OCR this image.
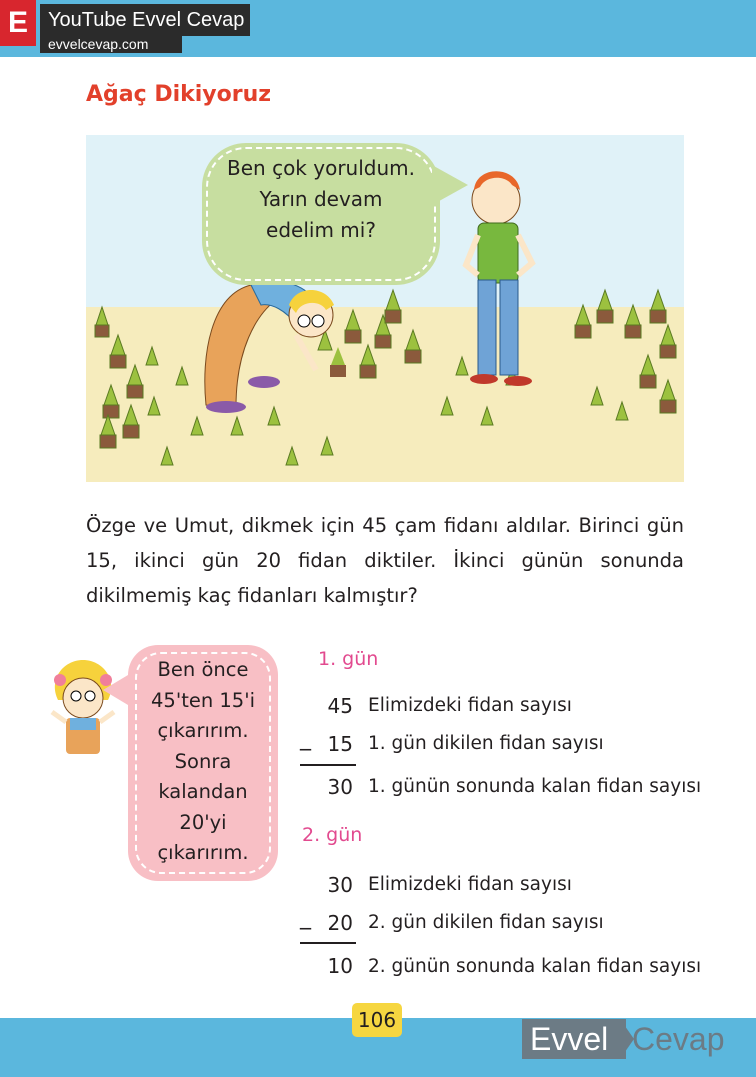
E	YouTube Evvel Cevap
evvelcevap.com
Ağaç Dikiyoruz
Ben çok yoruldum.
Yarın devam
edelim mi?
Özge ve Umut, dikmek için 45 çam fidanı aldılar. Birinci gün 15, ikinci gün 20 fidan diktiler. İkinci günün sonunda dikilmemiş kaç fidanları kalmıştır?
Ben önce
45'ten 15'i
çıkarırım.
Sonra
kalandan
20'yi
çıkarırım.
1. gün
45 Elimizdeki fidan sayısı
_ 15 1. gün dikilen fidan sayısı
30 1. günün sonunda kalan fidan sayısı
2. gün
30 Elimizdeki fidan sayısı
_ 20 2. gün dikilen fidan sayısı
10 2. günün sonunda kalan fidan sayısı
106
Evvel Cevap
